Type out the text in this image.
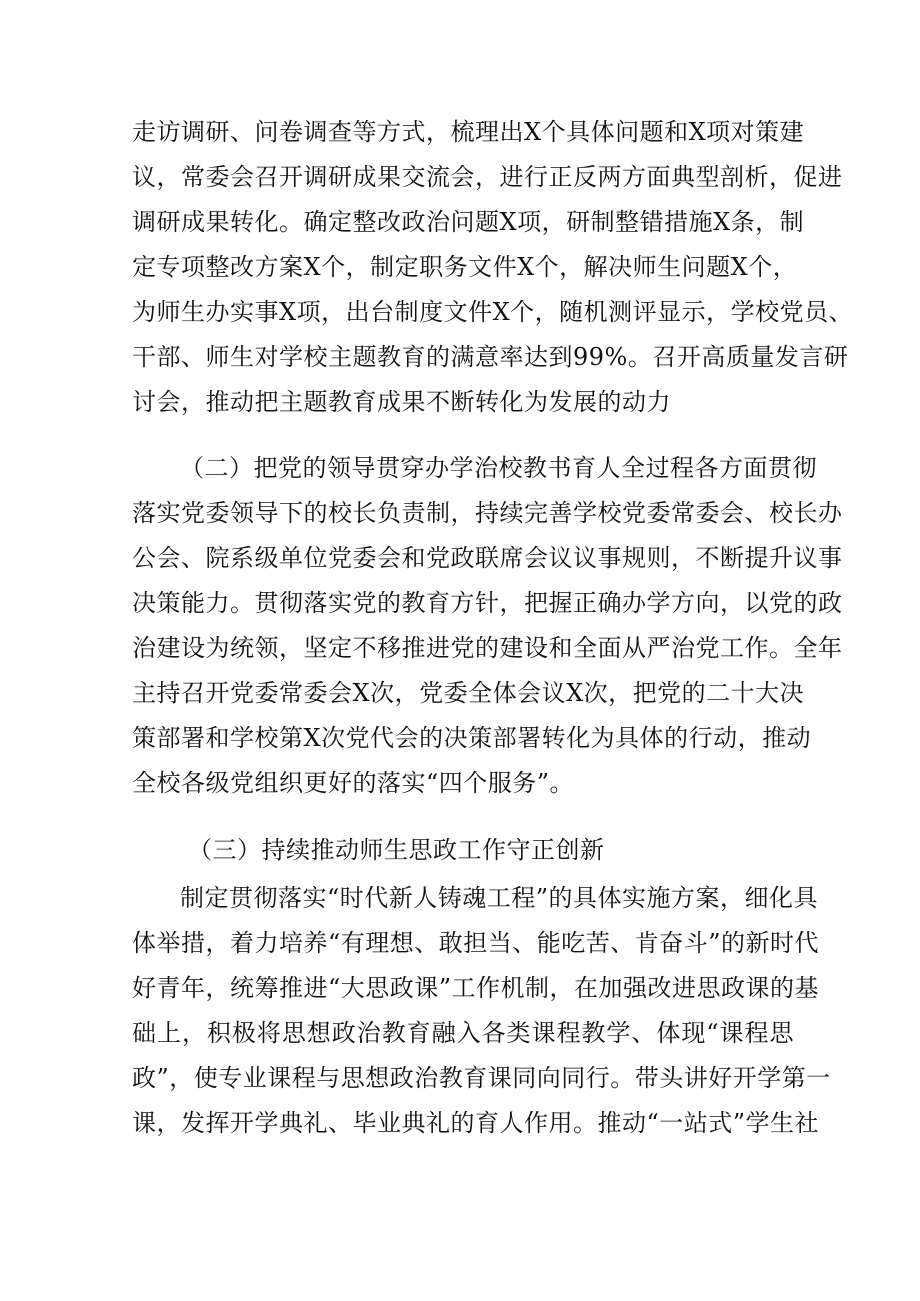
走访调研、问卷调查等方式，梳理出X个具体问题和X项对策建
议，常委会召开调研成果交流会，进行正反两方面典型剖析，促进
调研成果转化。确定整改政治问题X项，研制整错措施X条，制
定专项整改方案X个，制定职务文件X个，解决师生问题X个，
为师生办实事X项，出台制度文件X个，随机测评显示，学校党员、
干部、师生对学校主题教育的满意率达到99%。召开高质量发言研
讨会，推动把主题教育成果不断转化为发展的动力
（二）把党的领导贯穿办学治校教书育人全过程各方面贯彻
落实党委领导下的校长负责制，持续完善学校党委常委会、校长办
公会、院系级单位党委会和党政联席会议议事规则，不断提升议事
决策能力。贯彻落实党的教育方针，把握正确办学方向，以党的政
治建设为统领，坚定不移推进党的建设和全面从严治党工作。全年
主持召开党委常委会X次，党委全体会议X次，把党的二十大决
策部署和学校第X次党代会的决策部署转化为具体的行动，推动
全校各级党组织更好的落实“四个服务”。
（三）持续推动师生思政工作守正创新
制定贯彻落实“时代新人铸魂工程”的具体实施方案，细化具
体举措，着力培养“有理想、敢担当、能吃苦、肯奋斗”的新时代
好青年，统筹推进“大思政课”工作机制，在加强改进思政课的基
础上，积极将思想政治教育融入各类课程教学、体现“课程思
政”，使专业课程与思想政治教育课同向同行。带头讲好开学第一
课，发挥开学典礼、毕业典礼的育人作用。推动“一站式”学生社
